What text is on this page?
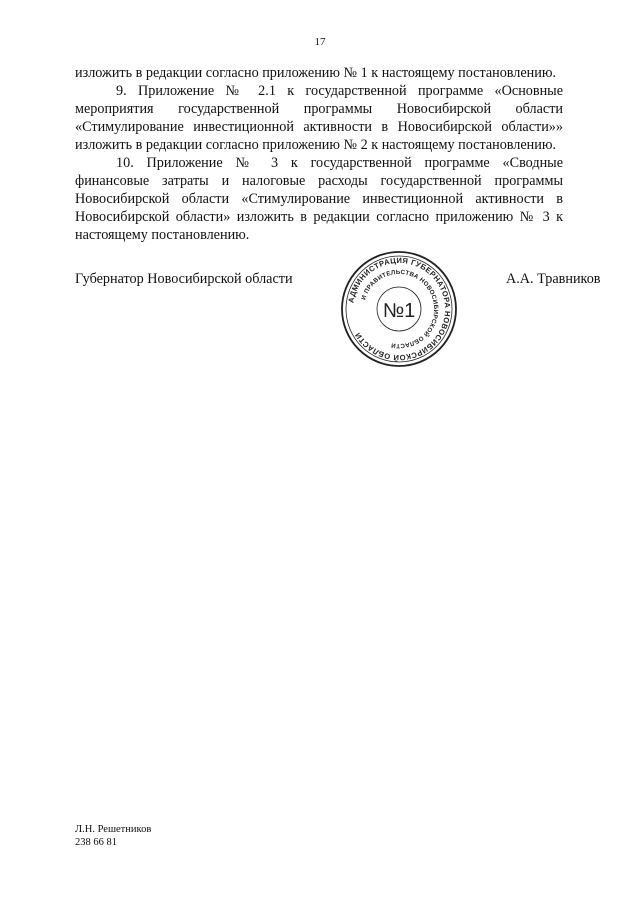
17

изложить в редакции согласно приложению № 1 к настоящему постановлению.

9. Приложение № 2.1 к государственной программе «Основные мероприятия государственной программы Новосибирской области «Стимулирование инвестиционной активности в Новосибирской области»» изложить в редакции согласно приложению № 2 к настоящему постановлению.

10. Приложение № 3 к государственной программе «Сводные финансовые затраты и налоговые расходы государственной программы Новосибирской области «Стимулирование инвестиционной активности в Новосибирской области» изложить в редакции согласно приложению № 3 к настоящему постановлению.

Губернатор Новосибирской области	А.А. Травников
АДМИНИСТРАЦИЯ ГУБЕРНАТОРА НОВОСИБИРСКОЙ ОБЛАСТИ
И ПРАВИТЕЛЬСТВА НОВОСИБИРСКОЙ ОБЛАСТИ
№1
Л.Н. Решетников
238 66 81
